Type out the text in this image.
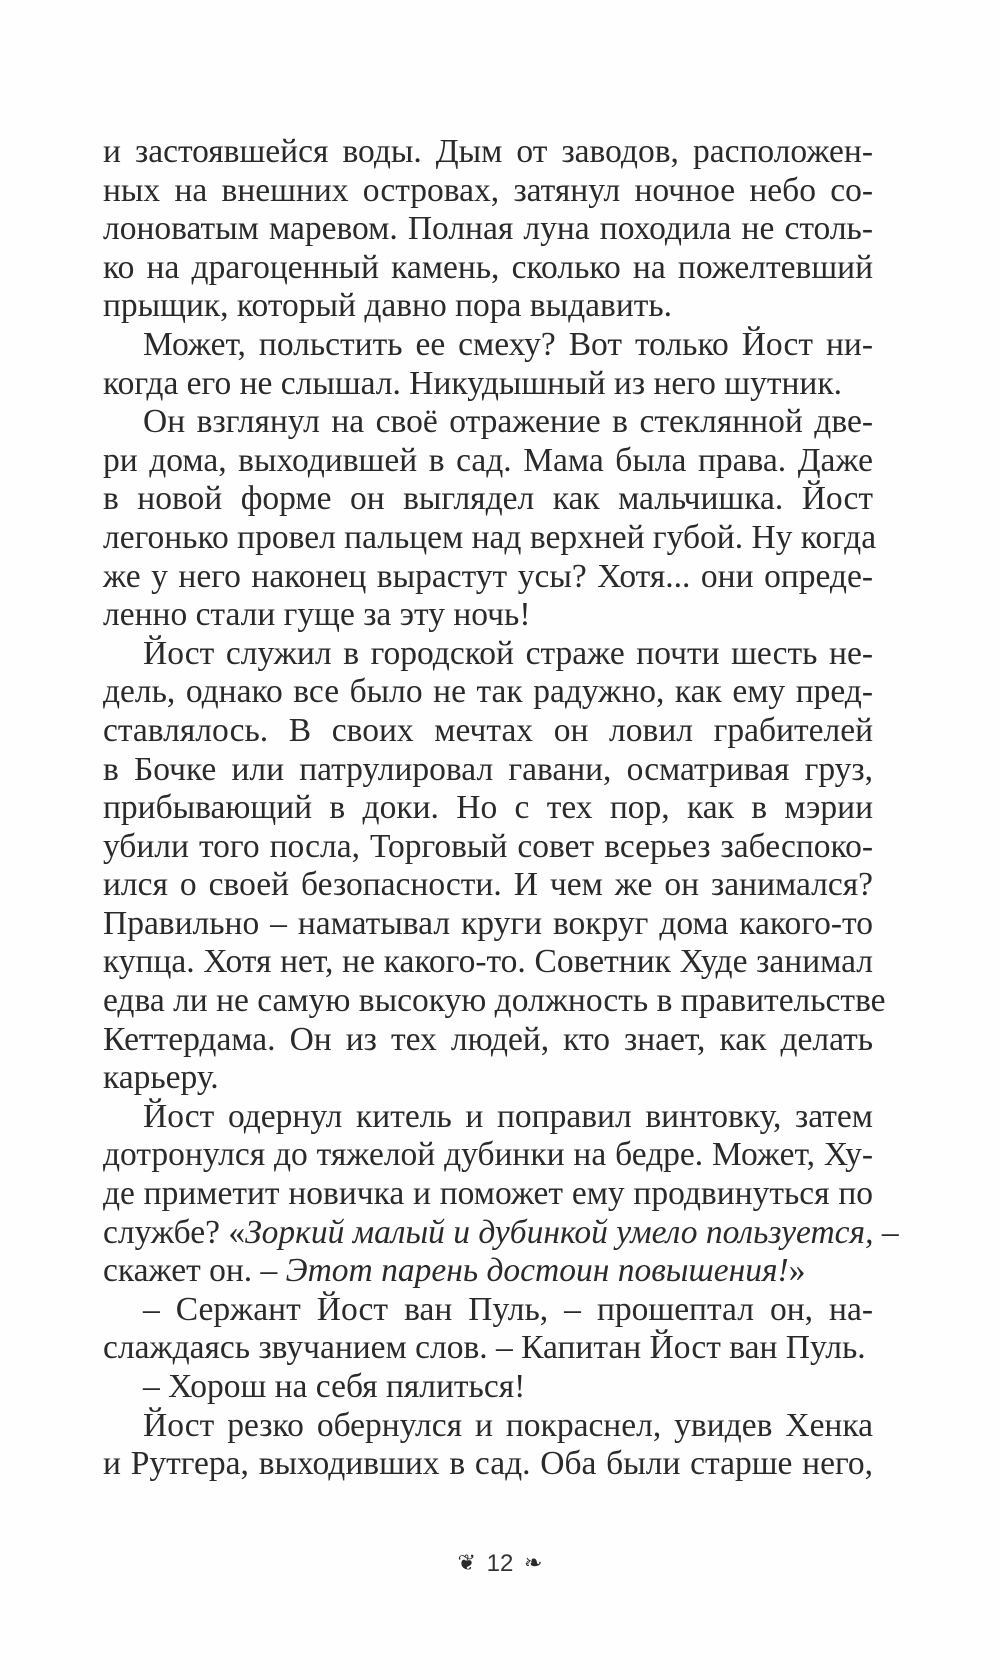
и застоявшейся воды. Дым от заводов, расположен-
ных на внешних островах, затянул ночное небо со-
лоноватым маревом. Полная луна походила не столь-
ко на драгоценный камень, сколько на пожелтевший
прыщик, который давно пора выдавить.
Может, польстить ее смеху? Вот только Йост ни-
когда его не слышал. Никудышный из него шутник.
Он взглянул на своё отражение в стеклянной две-
ри дома, выходившей в сад. Мама была права. Даже
в новой форме он выглядел как мальчишка. Йост
легонько провел пальцем над верхней губой. Ну когда
же у него наконец вырастут усы? Хотя... они опреде-
ленно стали гуще за эту ночь!
Йост служил в городской страже почти шесть не-
дель, однако все было не так радужно, как ему пред-
ставлялось. В своих мечтах он ловил грабителей
в Бочке или патрулировал гавани, осматривая груз,
прибывающий в доки. Но с тех пор, как в мэрии
убили того посла, Торговый совет всерьез забеспоко-
ился о своей безопасности. И чем же он занимался?
Правильно – наматывал круги вокруг дома какого-то
купца. Хотя нет, не какого-то. Советник Худе занимал
едва ли не самую высокую должность в правительстве
Кеттердама. Он из тех людей, кто знает, как делать
карьеру.
Йост одернул китель и поправил винтовку, затем
дотронулся до тяжелой дубинки на бедре. Может, Ху-
де приметит новичка и поможет ему продвинуться по
службе? «Зоркий малый и дубинкой умело пользуется, –
скажет он. – Этот парень достоин повышения!»
– Сержант Йост ван Пуль, – прошептал он, на-
слаждаясь звучанием слов. – Капитан Йост ван Пуль.
– Хорош на себя пялиться!
Йост резко обернулся и покраснел, увидев Хенка
и Рутгера, выходивших в сад. Оба были старше него,
❦ 12 ❧
